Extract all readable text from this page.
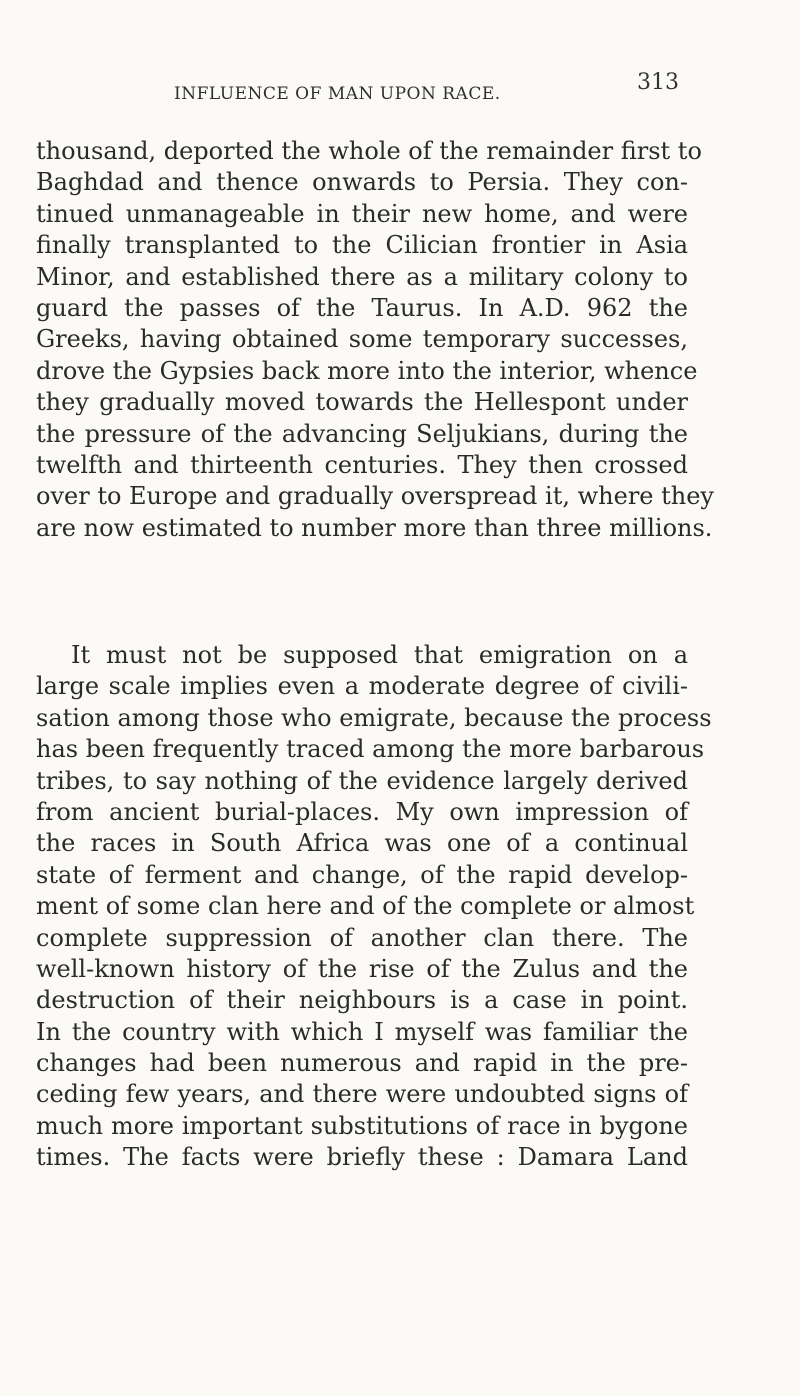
INFLUENCE OF MAN UPON RACE.	313
thousand, deported the whole of the remainder first to
Baghdad and thence onwards to Persia. They con-
tinued unmanageable in their new home, and were
finally transplanted to the Cilician frontier in Asia
Minor, and established there as a military colony to
guard the passes of the Taurus. In A.D. 962 the
Greeks, having obtained some temporary successes,
drove the Gypsies back more into the interior, whence
they gradually moved towards the Hellespont under
the pressure of the advancing Seljukians, during the
twelfth and thirteenth centuries. They then crossed
over to Europe and gradually overspread it, where they
are now estimated to number more than three millions.
It must not be supposed that emigration on a
large scale implies even a moderate degree of civili-
sation among those who emigrate, because the process
has been frequently traced among the more barbarous
tribes, to say nothing of the evidence largely derived
from ancient burial-places. My own impression of
the races in South Africa was one of a continual
state of ferment and change, of the rapid develop-
ment of some clan here and of the complete or almost
complete suppression of another clan there. The
well-known history of the rise of the Zulus and the
destruction of their neighbours is a case in point.
In the country with which I myself was familiar the
changes had been numerous and rapid in the pre-
ceding few years, and there were undoubted signs of
much more important substitutions of race in bygone
times. The facts were briefly these : Damara Land
